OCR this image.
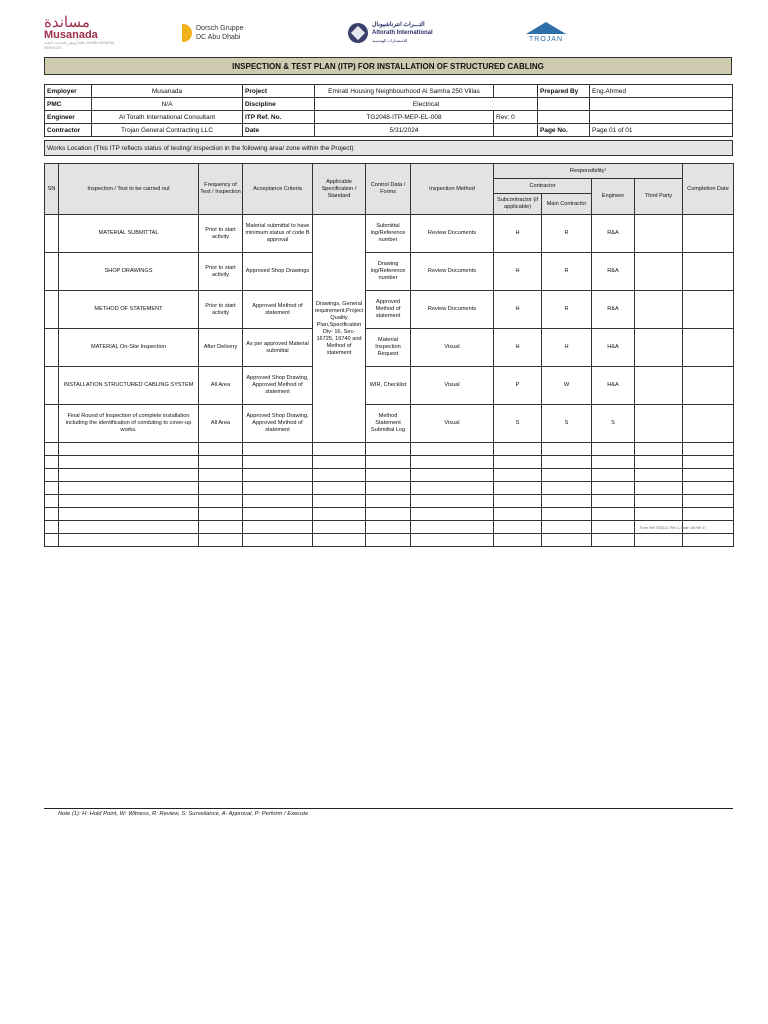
مساندة
Musanada
أبوظبي للخدمات العامة ABU DHABI GENERAL SERVICES
Dorsch Gruppe
DC Abu Dhabi
التـــراث انترناشيونال
Altorath International
للاستشارات الهندسية	TROJAN
INSPECTION & TEST PLAN (ITP) FOR INSTALLATION OF STRUCTURED CABLING
Employer	Musanada	Project	Emirati Housing Neighbourhood Al Samha 250 Villas		Prepared By	Eng.Ahmed
PMC	N/A	Discipline	Electrical			
Engineer	Al Torath International Consultant	ITP Ref. No.	TG2048-ITP-MEP-EL-008	Rev: 0		
Contractor	Trojan General Contracting LLC	Date	5/31/2024		Page No.	Page 01 of 01
Works Location (This ITP reflects status of testing/ inspection in the following area/ zone within the Project)
SN	Inspection / Test to be carried out	Frequency of Test / Inspection	Acceptance Criteria	Applicable Specification / Standard	Control Data / Forms	Inspection Method	Responsibility¹				Completion Date
							Contractor		Engineer	Third Party	
							Subcontractor (if applicable)	Main Contractor			
	MATERIAL SUBMITTAL	Prior to start activity	Material submittal to have minimum status of code B approval	Drawings, General requirement,Project Quality Plan,Specification Div- 16, Sec- 16725, 16740 and Method of statement	Submittal log/Reference number	Review Documents	H	R	R&A		
	SHOP DRAWINGS	Prior to start activity	Approved Shop Drawings		Drawing log/Reference number	Review Documents	H	R	R&A		
	METHOD OF STATEMENT	Prior to start activity	Approved Method of statement		Approved Method of statement	Review Documents	H	R	R&A		
	MATERIAL On-Site Inspection	After Delivery	As per approved Material submittal		Material Inspection Request	Visual	H	H	H&A		
	INSTALLATION STRUCTURED CABLING SYSTEM	All Area	Approved Shop Drawing, Approved Method of statement		WIR, Checklist	Visual	P	W	H&A		
	Final Round of Inspection of complete installation including the identification of conduting to cover-up works.	All Area	Approved Shop Drawing, Approved Method of statement		Method Statement Submittal Log	Visual	S	S	S		

Form Ref TMS111, Rev 1, Date: 08 Feb 17
Note (1): H: Hold Point, W: Witness, R: Review, S: Surveilance, A: Approval, P: Perform / Execute
